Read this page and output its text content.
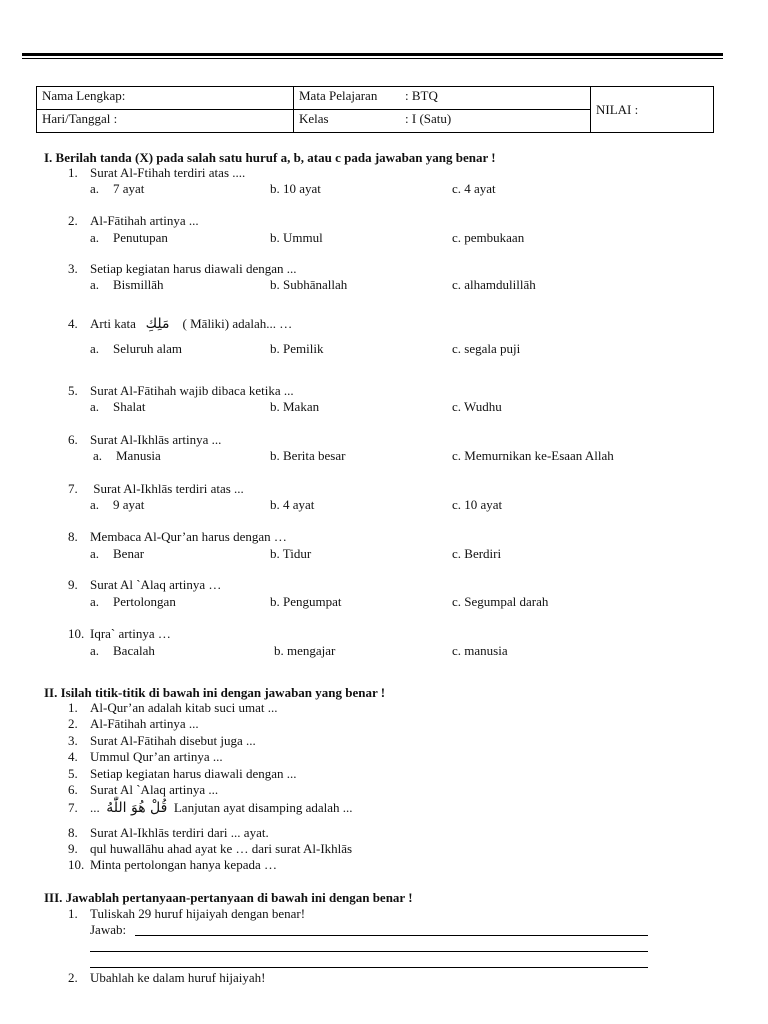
Nama Lengkap:	Mata Pelajaran : BTQ	NILAI :
Hari/Tanggal :	Kelas : I (Satu)	
I. Berilah tanda (X) pada salah satu huruf a, b, atau c pada jawaban yang benar !
1. Surat Al-Ftihah terdiri atas ....
a. 7 ayat	b. 10 ayat	c. 4 ayat
2. Al-Fātihah artinya ...
a. Penutupan	b. Ummul	c. pembukaan
3. Setiap kegiatan harus diawali dengan ...
a. Bismillāh	b. Subhānallah	c. alhamdulillāh
4. Arti kata مَلِكِ ( Māliki) adalah... …
a. Seluruh alam	b. Pemilik	c. segala puji
5. Surat Al-Fātihah wajib dibaca ketika ...
a. Shalat	b. Makan	c. Wudhu
6. Surat Al-Ikhlās artinya ...
a. Manusia	b. Berita besar	c. Memurnikan ke-Esaan Allah
7. Surat Al-Ikhlās terdiri atas ...
a. 9 ayat	b. 4 ayat	c. 10 ayat
8. Membaca Al-Qur’an harus dengan …
a. Benar	b. Tidur	c. Berdiri
9. Surat Al `Alaq artinya …
a. Pertolongan	b. Pengumpat	c. Segumpal darah
10. Iqra` artinya …
a. Bacalah	b. mengajar	c. manusia
II. Isilah titik-titik di bawah ini dengan jawaban yang benar !
1. Al-Qur’an adalah kitab suci umat ...
2. Al-Fātihah artinya ...
3. Surat Al-Fātihah disebut juga ...
4. Ummul Qur’an artinya ...
5. Setiap kegiatan harus diawali dengan ...
6. Surat Al `Alaq artinya ...
7. ... قُلْ هُوَ اللّٰهُ Lanjutan ayat disamping adalah ...
8. Surat Al-Ikhlās terdiri dari ... ayat.
9. qul huwallāhu ahad ayat ke … dari surat Al-Ikhlās
10. Minta pertolongan hanya kepada …
III. Jawablah pertanyaan-pertanyaan di bawah ini dengan benar !
1. Tuliskah 29 huruf hijaiyah dengan benar!
Jawab:
2. Ubahlah ke dalam huruf hijaiyah!
